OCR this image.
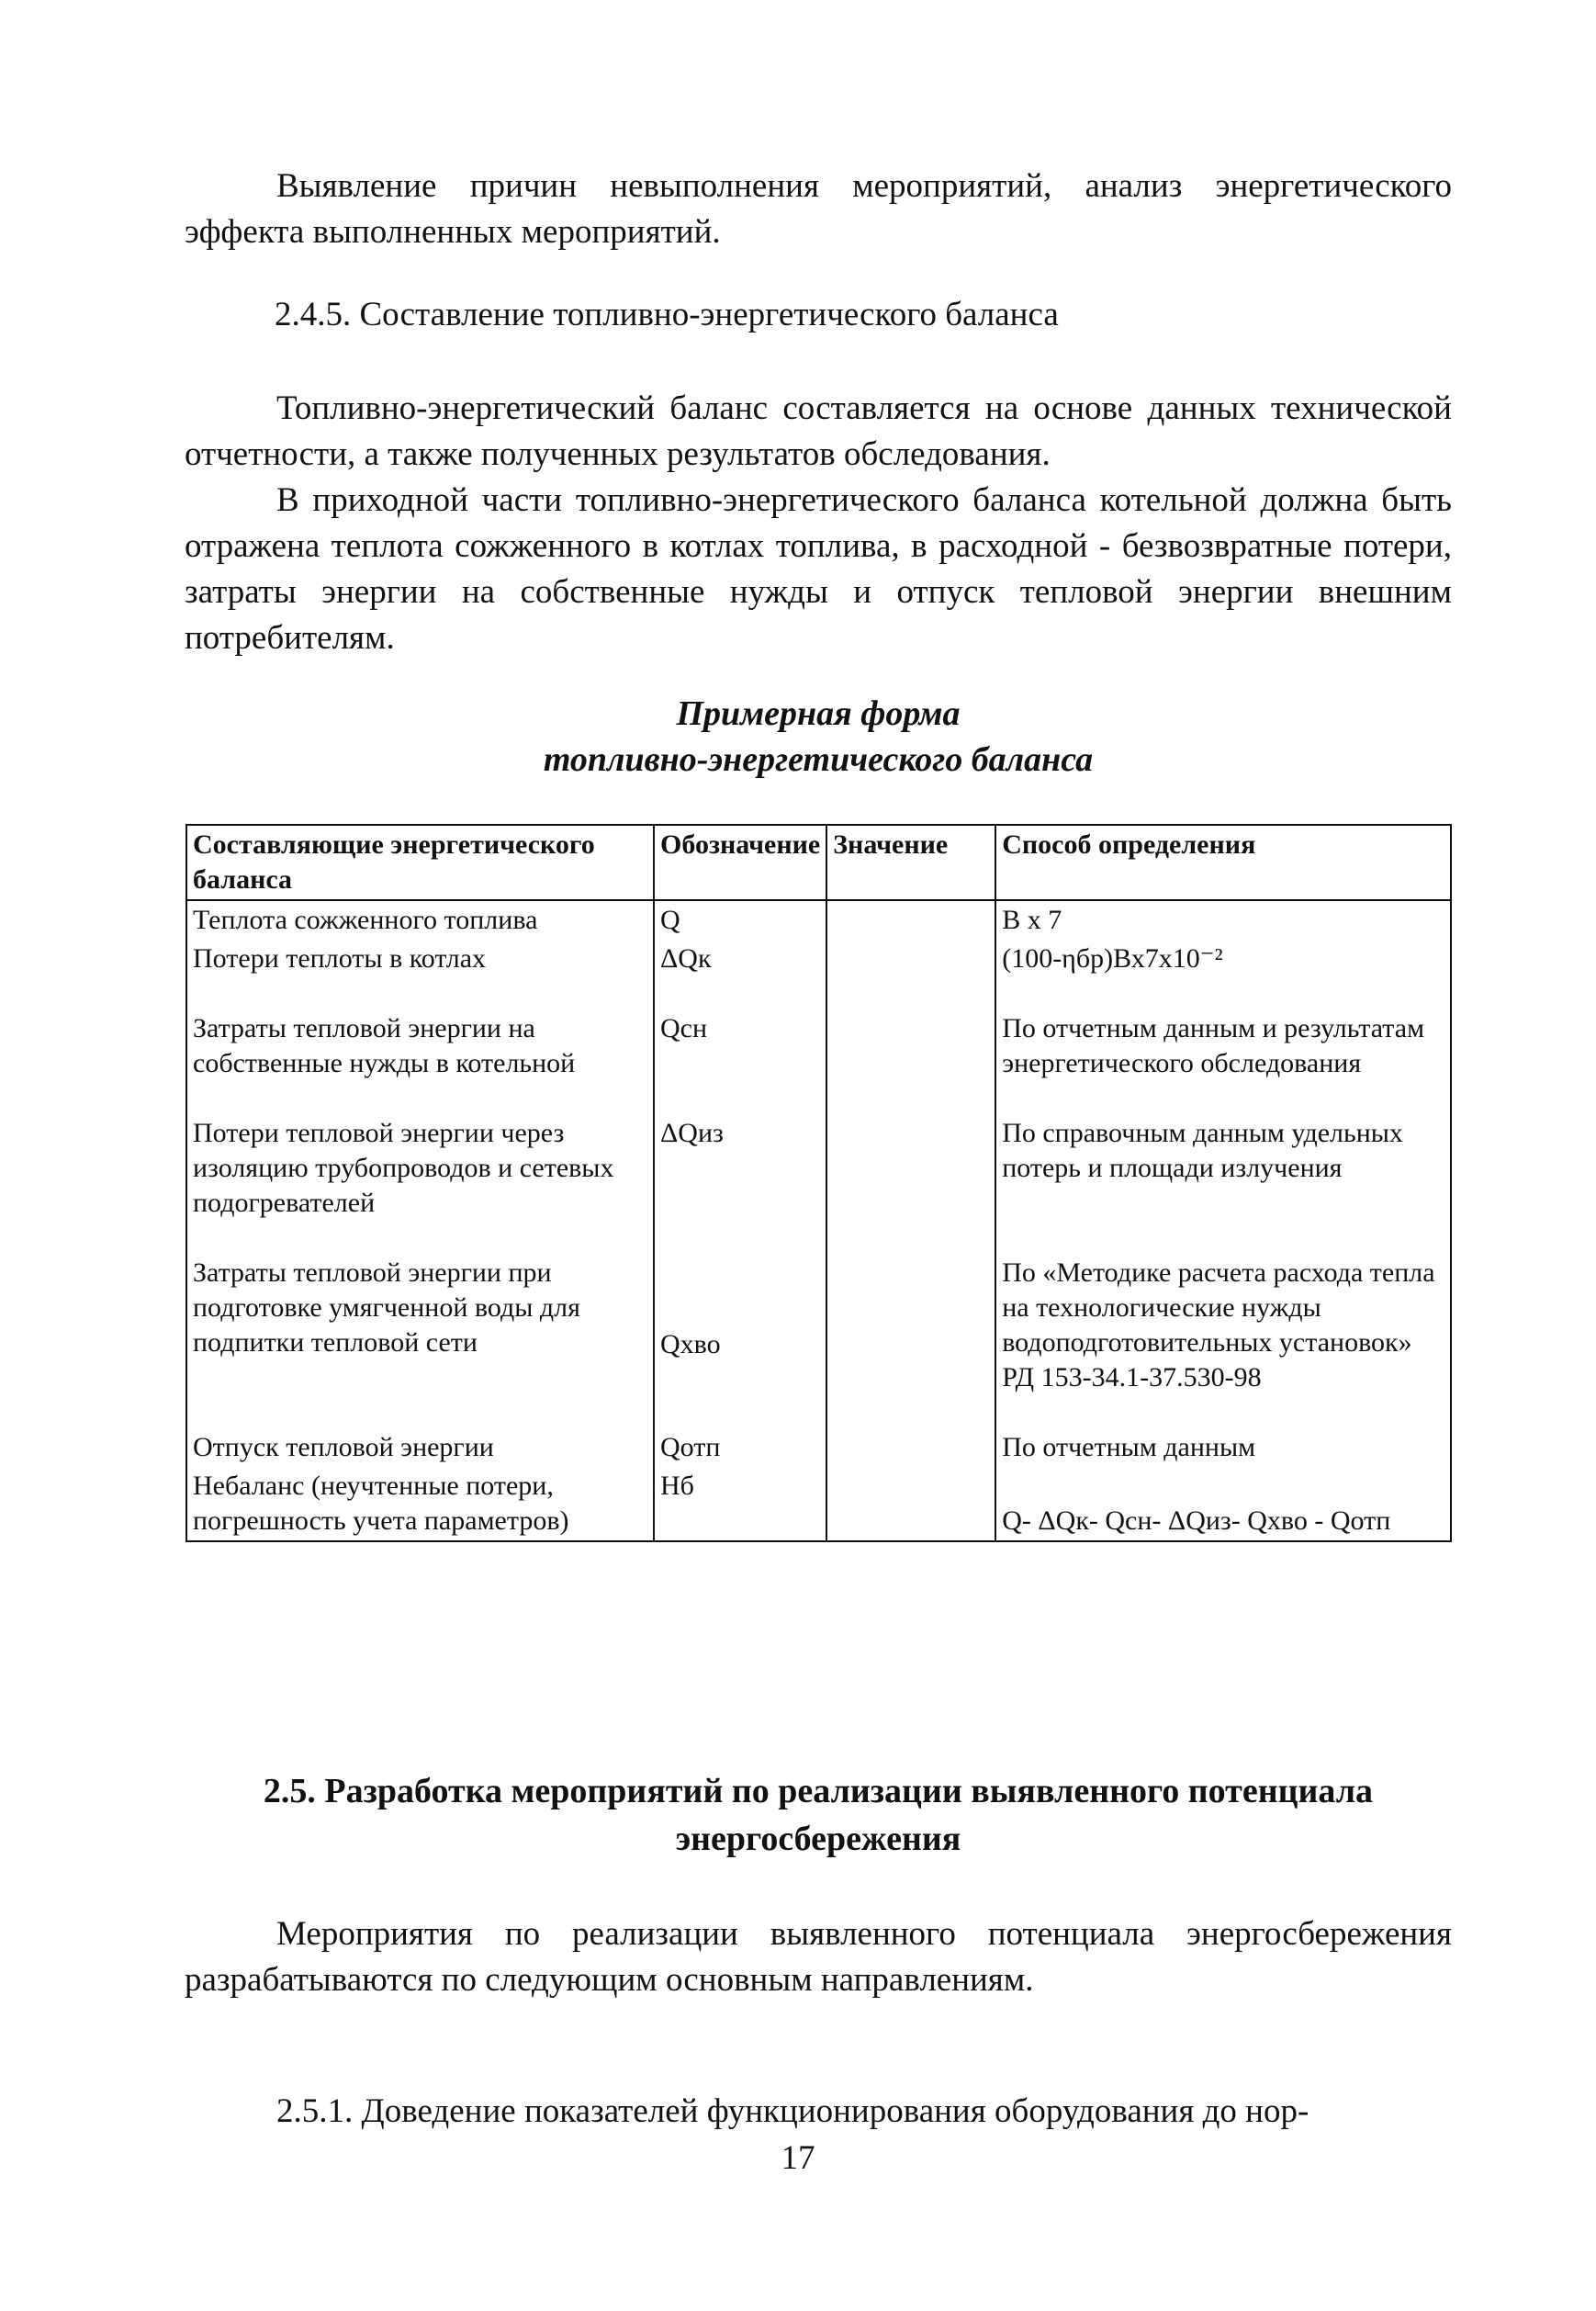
Выявление причин невыполнения мероприятий, анализ энергетического эффекта выполненных мероприятий.

2.4.5. Составление топливно-энергетического баланса

Топливно-энергетический баланс составляется на основе данных технической отчетности, а также полученных результатов обследования.

В приходной части топливно-энергетического баланса котельной должна быть отражена теплота сожженного в котлах топлива, в расходной - безвозвратные потери, затраты энергии на собственные нужды и отпуск тепловой энергии внешним потребителям.

Примерная форма
топливно-энергетического баланса
Составляющие энергетического баланса	Обозначение	Значение	Способ определения
Теплота сожженного топлива	Q		В x 7
Потери теплоты в котлах	ΔQк		(100-ηбр)Вх7х10⁻²
Затраты тепловой энергии на собственные нужды в котельной	Qсн		По отчетным данным и результатам энергетического обследования
Потери тепловой энергии через изоляцию трубопроводов и сетевых подогревателей	ΔQиз		По справочным данным удельных потерь и площади излучения
Затраты тепловой энергии при подготовке умягченной воды для подпитки тепловой сети	Qхво		По «Методике расчета расхода тепла на технологические нужды водоподготовительных установок» РД 153-34.1-37.530-98
Отпуск тепловой энергии	Qотп		По отчетным данным
Небаланс (неучтенные потери, погрешность учета параметров)	Нб		Q- ΔQк- Qсн- ΔQиз- Qхво - Qотп
2.5. Разработка мероприятий по реализации выявленного потенциала энергосбережения

Мероприятия по реализации выявленного потенциала энергосбережения разрабатываются по следующим основным направлениям.

2.5.1. Доведение показателей функционирования оборудования до нор-

17
